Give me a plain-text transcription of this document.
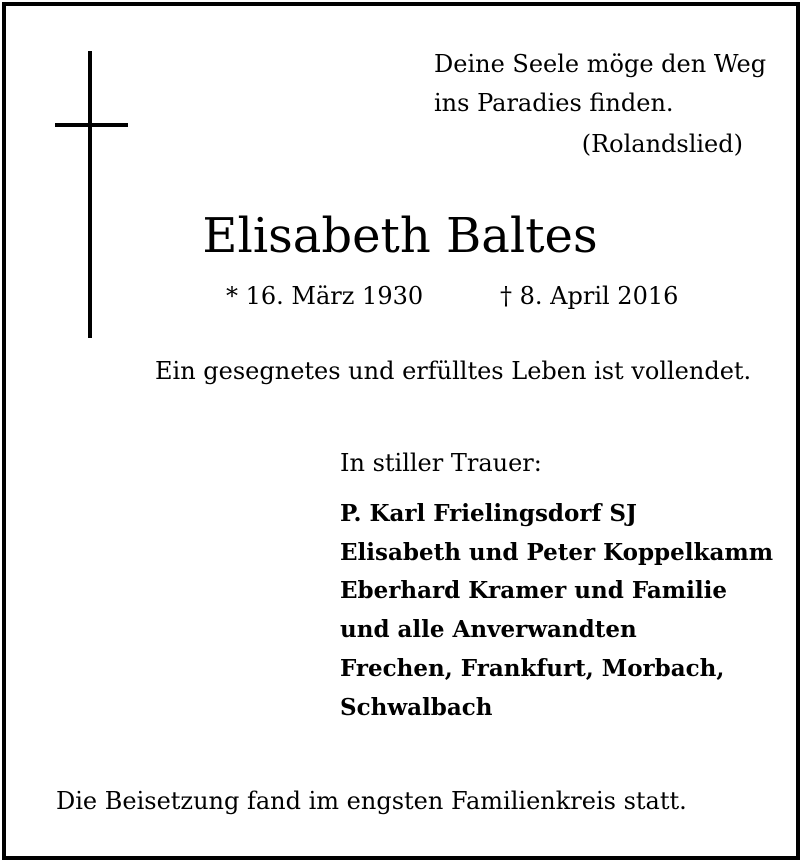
Deine Seele möge den Weg
ins Paradies finden.
(Rolandslied)
Elisabeth Baltes
* 16. März 1930	† 8. April 2016
Ein gesegnetes und erfülltes Leben ist vollendet.
In stiller Trauer:
P. Karl Frielingsdorf SJ
Elisabeth und Peter Koppelkamm
Eberhard Kramer und Familie
und alle Anverwandten
Frechen, Frankfurt, Morbach,
Schwalbach
Die Beisetzung fand im engsten Familienkreis statt.
